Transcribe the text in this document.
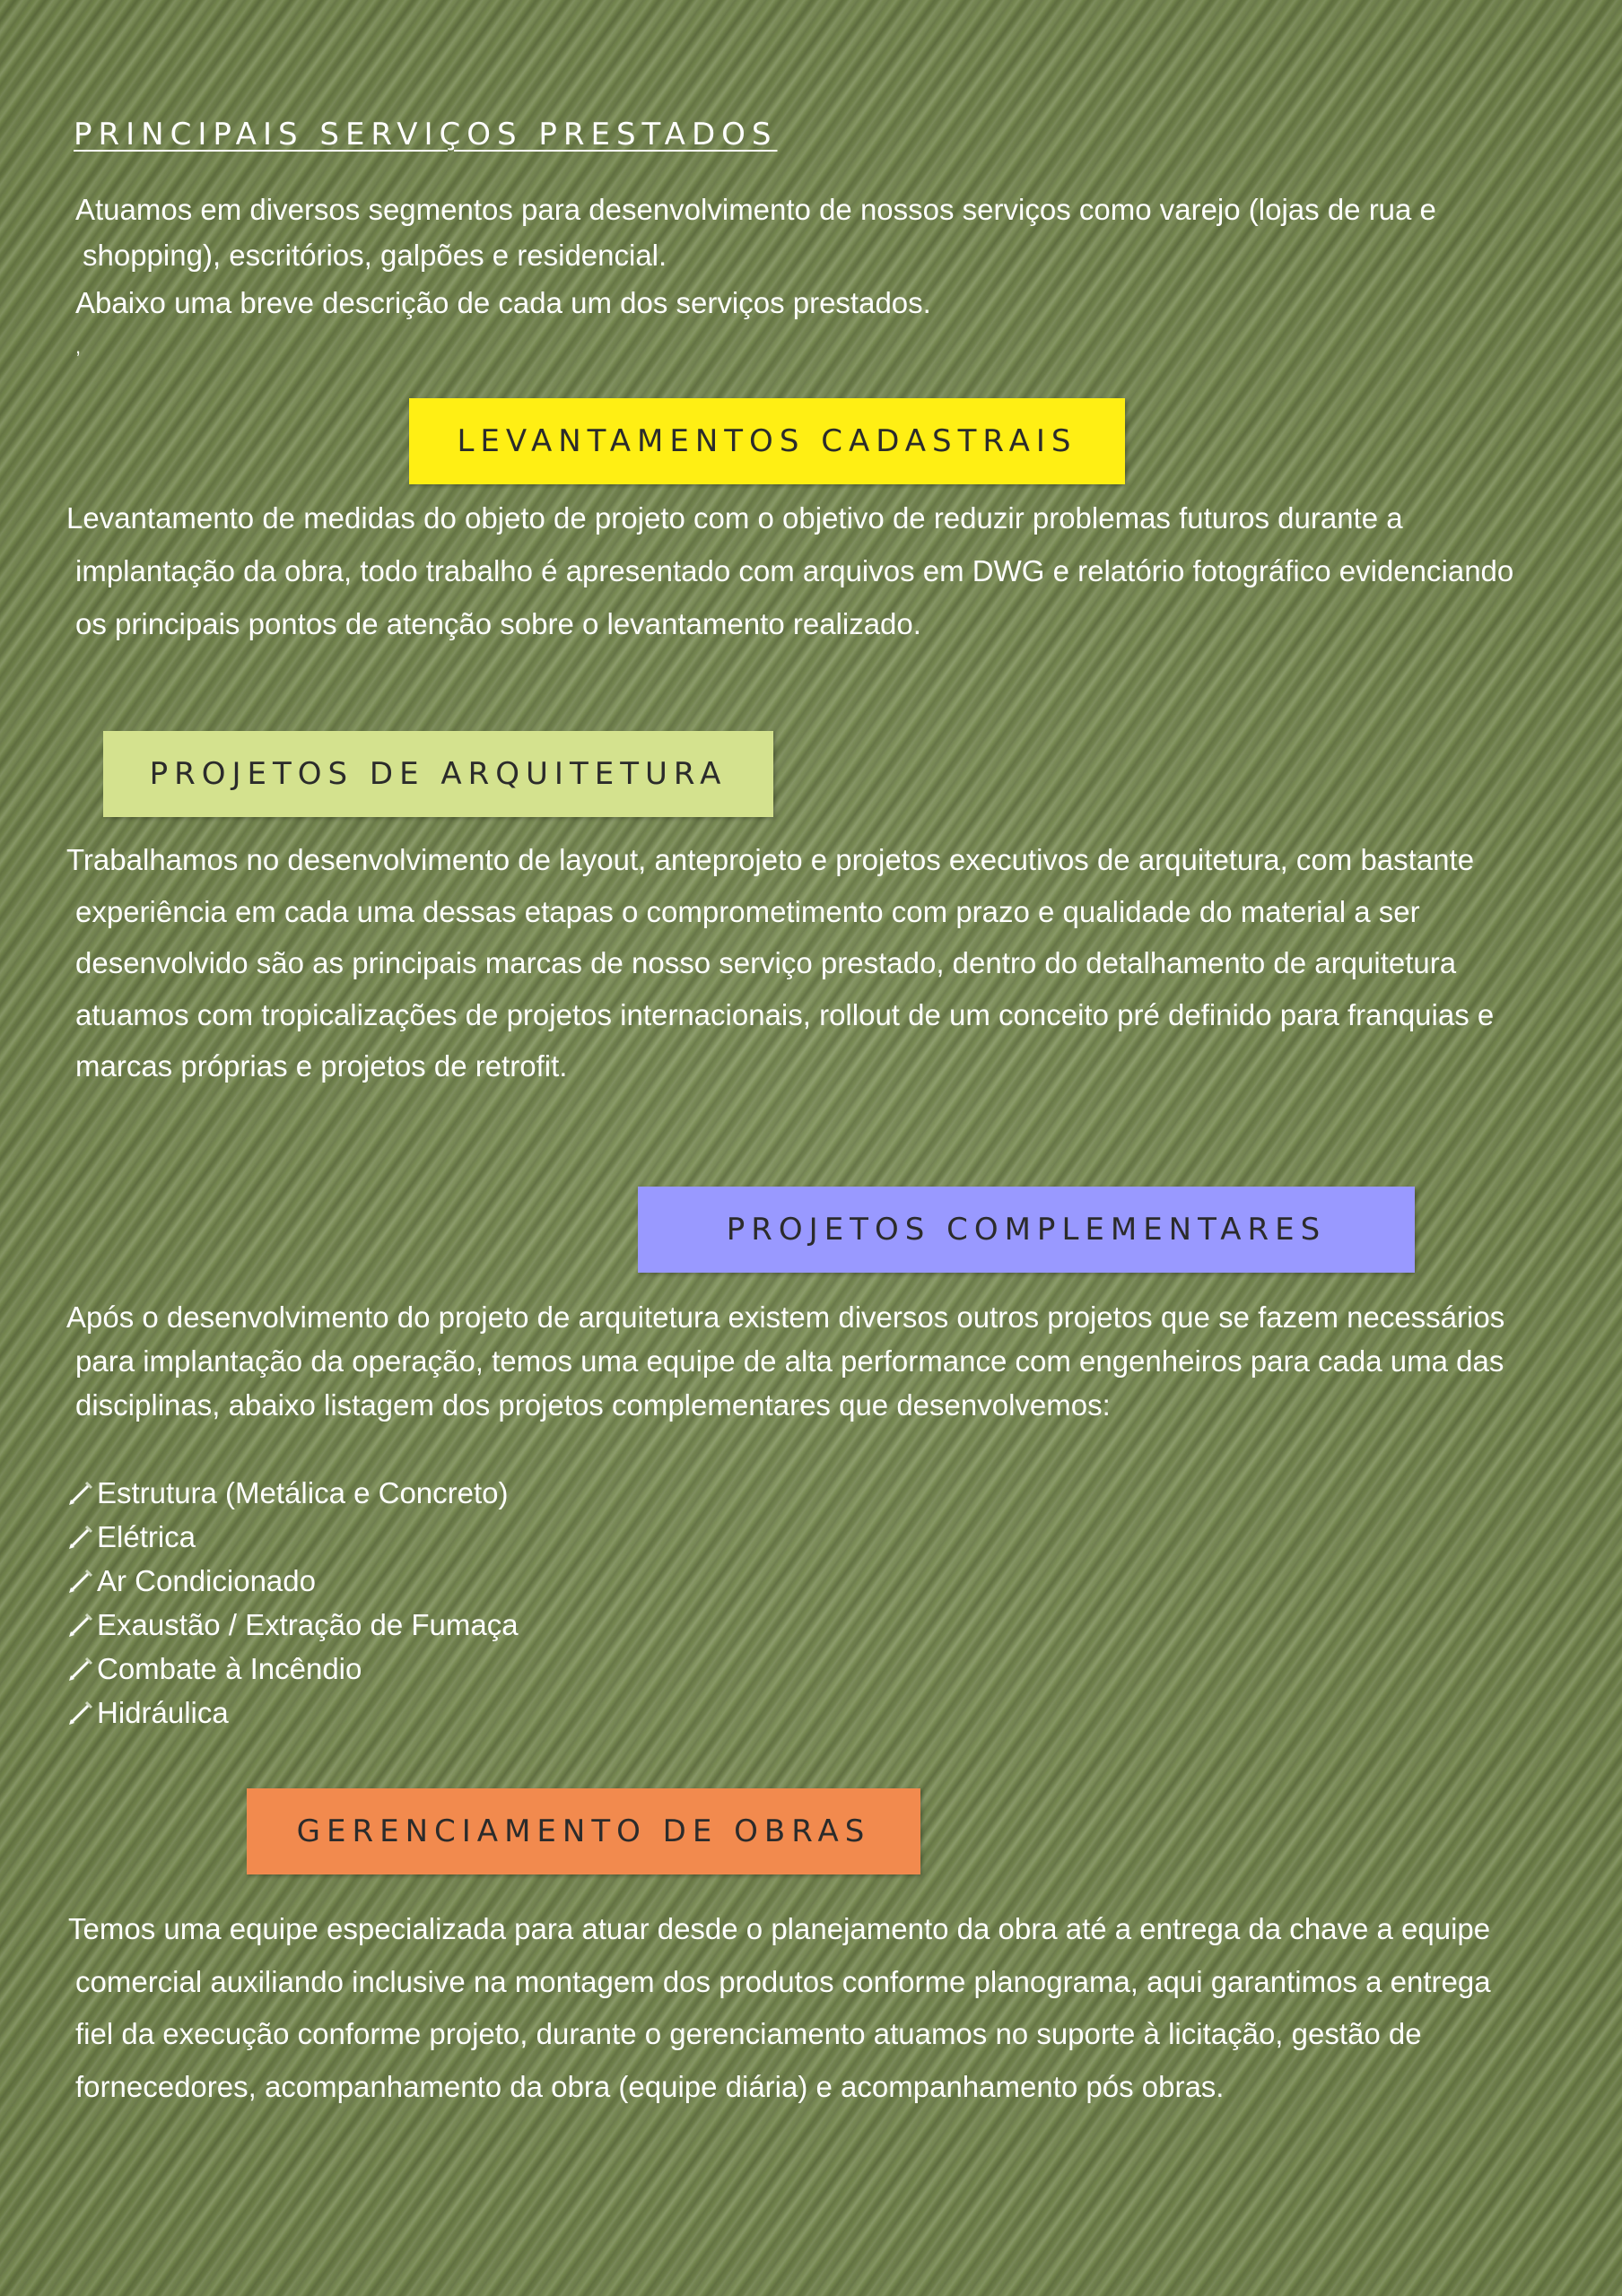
PRINCIPAIS SERVIÇOS PRESTADOS
Atuamos em diversos segmentos para desenvolvimento de nossos serviços como varejo (lojas de rua e
shopping), escritórios, galpões e residencial.
Abaixo uma breve descrição de cada um dos serviços prestados.
,
LEVANTAMENTOS CADASTRAIS
Levantamento de medidas do objeto de projeto com o objetivo de reduzir problemas futuros durante a
implantação da obra, todo trabalho é apresentado com arquivos em DWG e relatório fotográfico evidenciando
os principais pontos de atenção sobre o levantamento realizado.
PROJETOS DE ARQUITETURA
Trabalhamos no desenvolvimento de layout, anteprojeto e projetos executivos de arquitetura, com bastante
experiência em cada uma dessas etapas o comprometimento com prazo e qualidade do material a ser
desenvolvido são as principais marcas de nosso serviço prestado, dentro do detalhamento de arquitetura
atuamos com tropicalizações de projetos internacionais, rollout de um conceito pré definido para franquias e
marcas próprias e projetos de retrofit.
PROJETOS COMPLEMENTARES
Após o desenvolvimento do projeto de arquitetura existem diversos outros projetos que se fazem necessários
para implantação da operação, temos uma equipe de alta performance com engenheiros para cada uma das
disciplinas, abaixo listagem dos projetos complementares que desenvolvemos:
Estrutura (Metálica e Concreto)
Elétrica
Ar Condicionado
Exaustão / Extração de Fumaça
Combate à Incêndio
Hidráulica
GERENCIAMENTO DE OBRAS
Temos uma equipe especializada para atuar desde o planejamento da obra até a entrega da chave a equipe
comercial auxiliando inclusive na montagem dos produtos conforme planograma, aqui garantimos a entrega
fiel da execução conforme projeto, durante o gerenciamento atuamos no suporte à licitação, gestão de
fornecedores, acompanhamento da obra (equipe diária) e acompanhamento pós obras.
